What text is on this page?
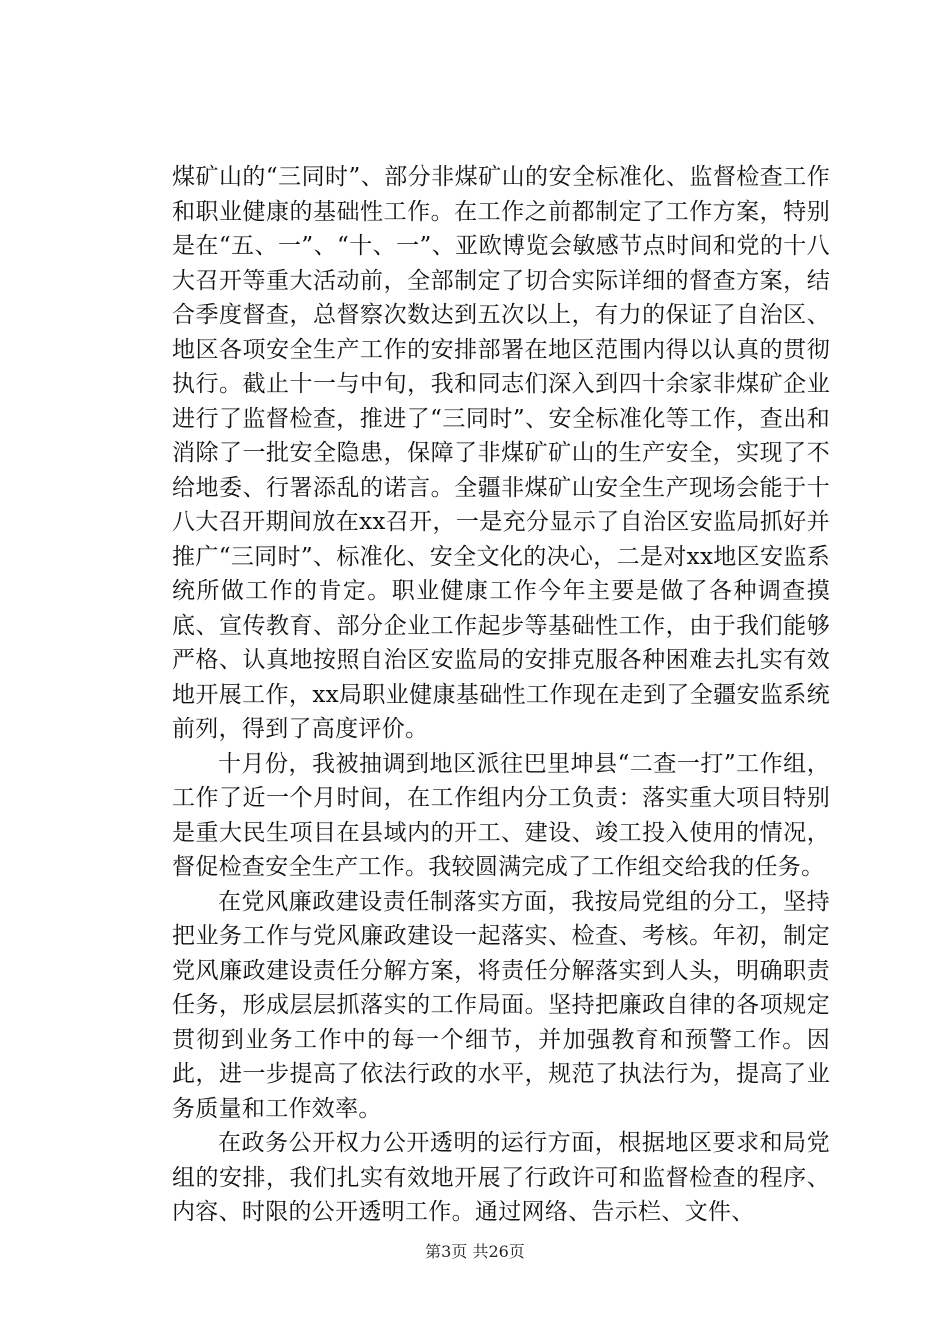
煤矿山的“三同时”、部分非煤矿山的安全标准化、监督检查工作和职业健康的基础性工作。在工作之前都制定了工作方案，特别是在“五、一”、“十、一”、亚欧博览会敏感节点时间和党的十八大召开等重大活动前，全部制定了切合实际详细的督查方案，结合季度督查，总督察次数达到五次以上，有力的保证了自治区、地区各项安全生产工作的安排部署在地区范围内得以认真的贯彻执行。截止十一与中旬，我和同志们深入到四十余家非煤矿企业进行了监督检查，推进了“三同时”、安全标准化等工作，查出和消除了一批安全隐患，保障了非煤矿矿山的生产安全，实现了不给地委、行署添乱的诺言。全疆非煤矿山安全生产现场会能于十八大召开期间放在xx召开，一是充分显示了自治区安监局抓好并推广“三同时”、标准化、安全文化的决心，二是对xx地区安监系统所做工作的肯定。职业健康工作今年主要是做了各种调查摸底、宣传教育、部分企业工作起步等基础性工作，由于我们能够严格、认真地按照自治区安监局的安排克服各种困难去扎实有效地开展工作，xx局职业健康基础性工作现在走到了全疆安监系统前列，得到了高度评价。

十月份，我被抽调到地区派往巴里坤县“二查一打”工作组，工作了近一个月时间，在工作组内分工负责：落实重大项目特别是重大民生项目在县域内的开工、建设、竣工投入使用的情况，督促检查安全生产工作。我较圆满完成了工作组交给我的任务。

在党风廉政建设责任制落实方面，我按局党组的分工，坚持把业务工作与党风廉政建设一起落实、检查、考核。年初，制定党风廉政建设责任分解方案，将责任分解落实到人头，明确职责任务，形成层层抓落实的工作局面。坚持把廉政自律的各项规定贯彻到业务工作中的每一个细节，并加强教育和预警工作。因此，进一步提高了依法行政的水平，规范了执法行为，提高了业务质量和工作效率。

在政务公开权力公开透明的运行方面，根据地区要求和局党组的安排，我们扎实有效地开展了行政许可和监督检查的程序、内容、时限的公开透明工作。通过网络、告示栏、文件、

第3页 共26页
